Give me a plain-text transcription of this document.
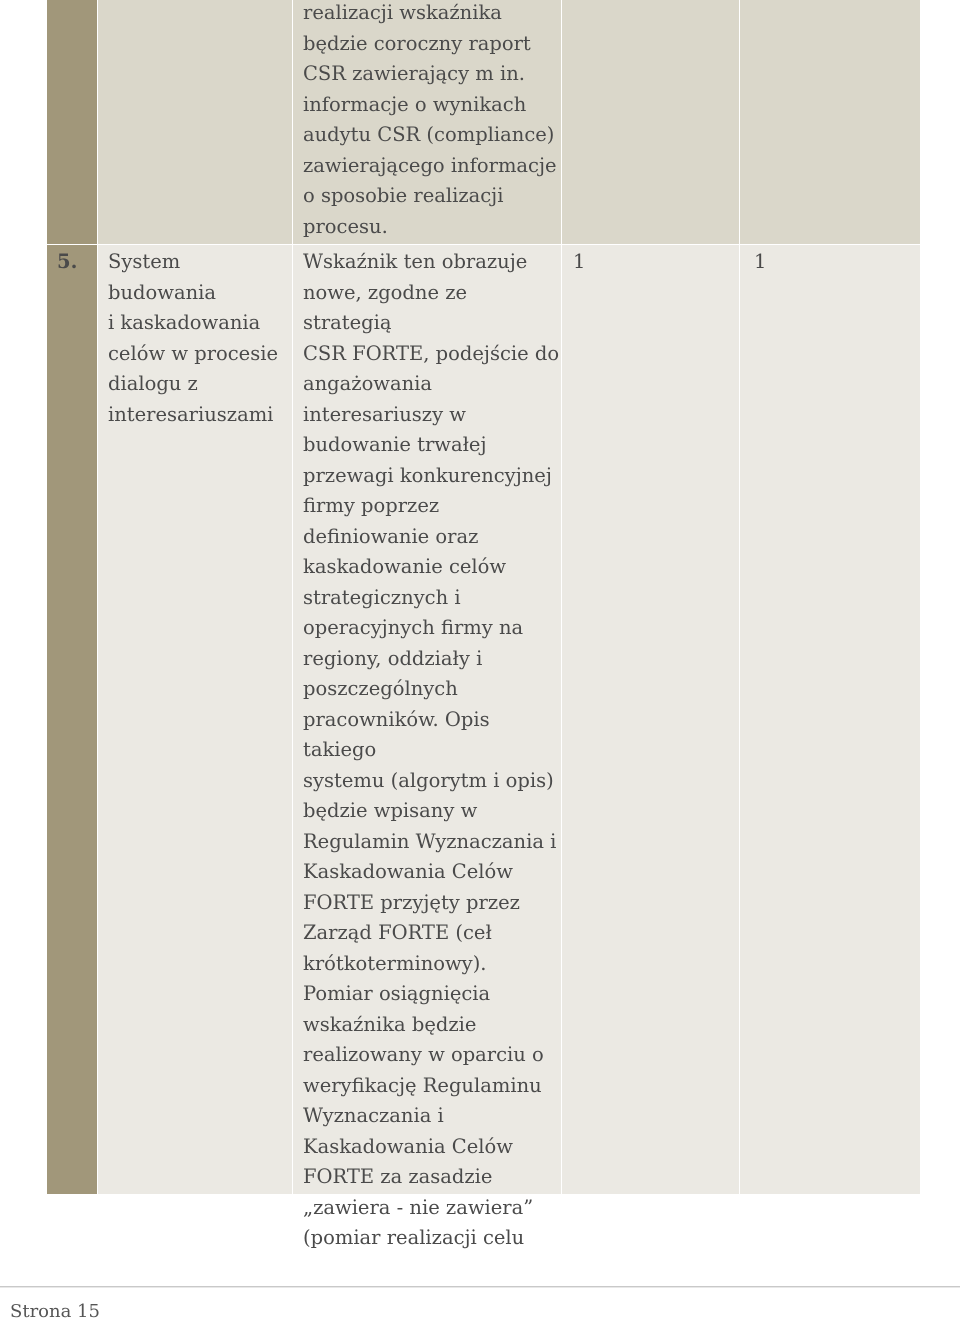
realizacji wskaźnika
będzie coroczny raport
CSR zawierający m in.
informacje o wynikach
audytu CSR (compliance)
zawierającego informacje
o sposobie realizacji
procesu.
5.	System budowania
i kaskadowania
celów w procesie
dialogu z
interesariuszami
Wskaźnik ten obrazuje
nowe, zgodne ze strategią
CSR FORTE, podejście do
angażowania
interesariuszy w
budowanie trwałej
przewagi konkurencyjnej
firmy poprzez
definiowanie oraz
kaskadowanie celów
strategicznych i
operacyjnych firmy na
regiony, oddziały i
poszczególnych
pracowników. Opis takiego
systemu (algorytm i opis)
będzie wpisany w
Regulamin Wyznaczania i
Kaskadowania Celów
FORTE przyjęty przez
Zarząd FORTE (ceł
krótkoterminowy).
Pomiar osiągnięcia
wskaźnika będzie
realizowany w oparciu o
weryfikację Regulaminu
Wyznaczania i
Kaskadowania Celów
FORTE za zasadzie
„zawiera - nie zawiera”
(pomiar realizacji celu
1	1
Strona 15
